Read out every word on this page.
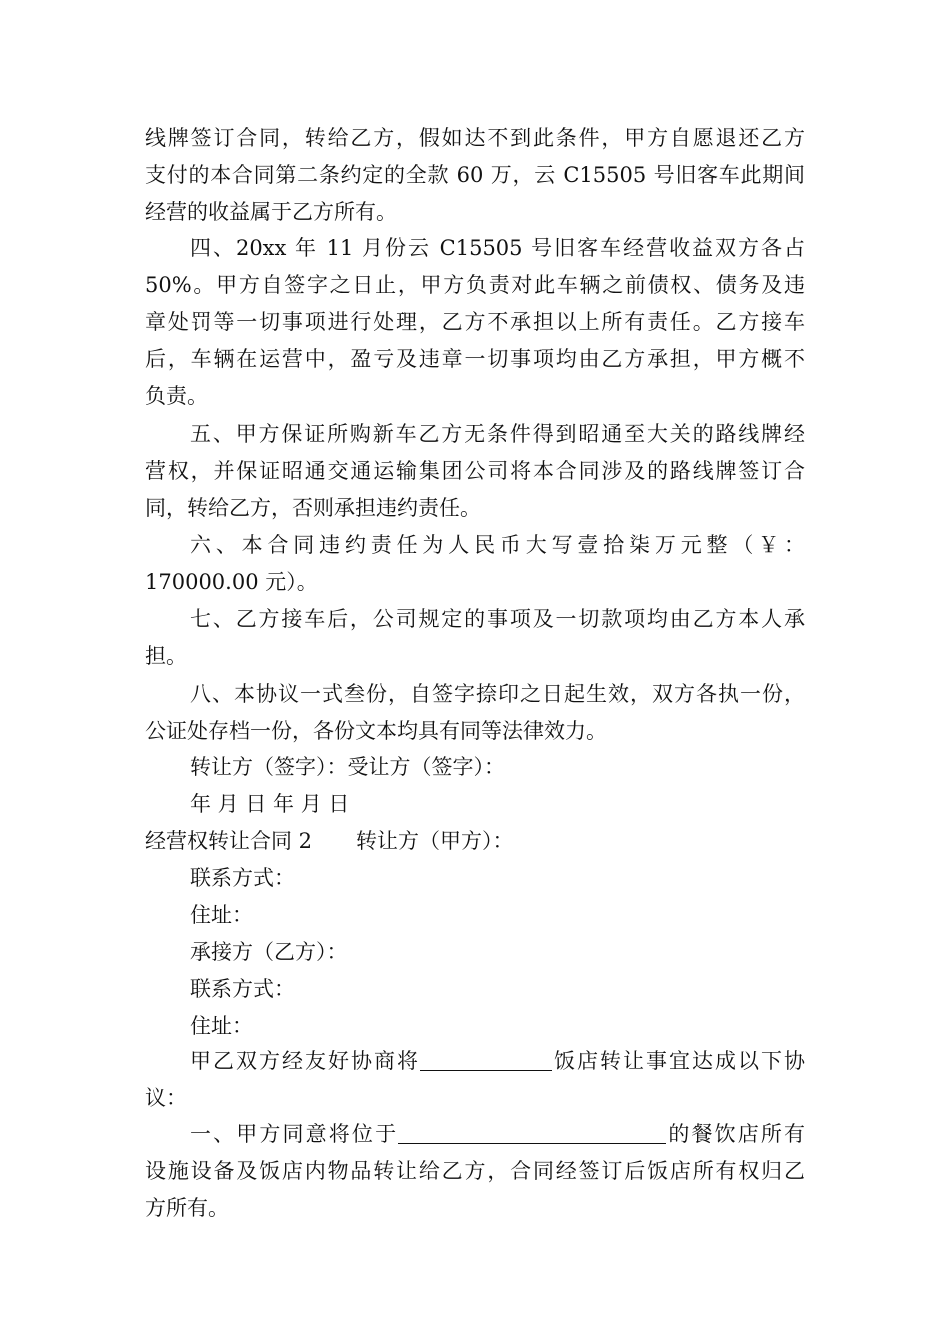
线牌签订合同，转给乙方，假如达不到此条件，甲方自愿退还乙方
支付的本合同第二条约定的全款 60 万，云 C15505 号旧客车此期间
经营的收益属于乙方所有。
四、20xx 年 11 月份云 C15505 号旧客车经营收益双方各占
50%。甲方自签字之日止，甲方负责对此车辆之前债权、债务及违
章处罚等一切事项进行处理，乙方不承担以上所有责任。乙方接车
后，车辆在运营中，盈亏及违章一切事项均由乙方承担，甲方概不
负责。
五、甲方保证所购新车乙方无条件得到昭通至大关的路线牌经
营权，并保证昭通交通运输集团公司将本合同涉及的路线牌签订合
同，转给乙方，否则承担违约责任。
六、本合同违约责任为人民币大写壹拾柒万元整（￥：
170000.00 元）。
七、乙方接车后，公司规定的事项及一切款项均由乙方本人承
担。
八、本协议一式叁份，自签字捺印之日起生效，双方各执一份，
公证处存档一份，各份文本均具有同等法律效力。
转让方（签字）：受让方（签字）：
年 月 日 年 月 日
经营权转让合同 2 转让方（甲方）：
联系方式：
住址：
承接方（乙方）：
联系方式：
住址：
甲乙双方经友好协商将	饭店转让事宜达成以下协
议：
一、甲方同意将位于	的餐饮店所有
设施设备及饭店内物品转让给乙方，合同经签订后饭店所有权归乙
方所有。
